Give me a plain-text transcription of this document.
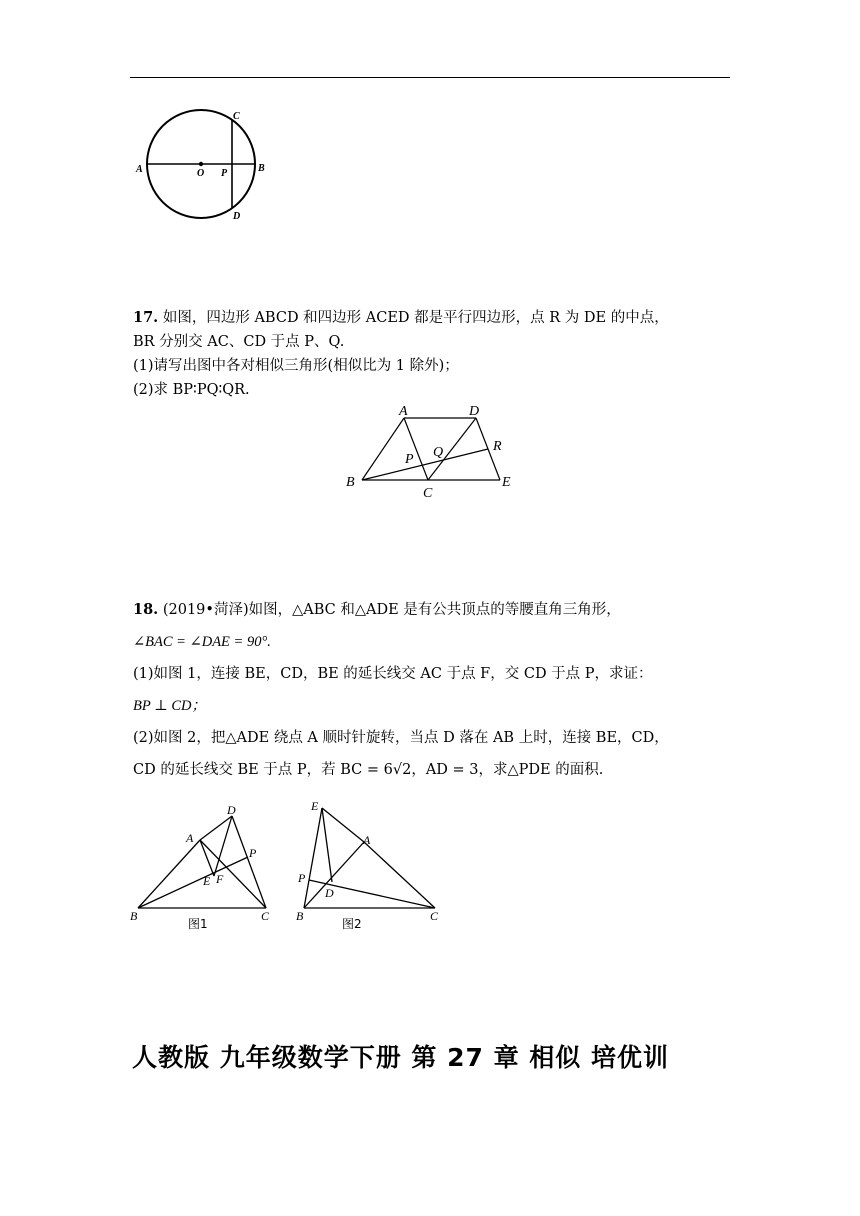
A	O P	B
C
D
17. 如图，四边形 ABCD 和四边形 ACED 都是平行四边形，点 R 为 DE 的中点，
BR 分别交 AC、CD 于点 P、Q.
(1)请写出图中各对相似三角形(相似比为 1 除外)；
(2)求 BP∶PQ∶QR.
A	D
Q	R
P
B
C
E
18. (2019•菏泽)如图，△ABC 和△ADE 是有公共顶点的等腰直角三角形，
∠BAC = ∠DAE = 90°.
(1)如图 1，连接 BE，CD，BE 的延长线交 AC 于点 F，交 CD 于点 P，求证：
BP ⊥ CD；
(2)如图 2，把△ADE 绕点 A 顺时针旋转，当点 D 落在 AB 上时，连接 BE，CD，
CD 的延长线交 BE 于点 P，若 BC = 6√2，AD = 3，求△PDE 的面积.
A
D
P
E F
B	C
图1
E
A
P
D
B	C
图2
人教版 九年级数学下册 第 27 章 相似 培优训
